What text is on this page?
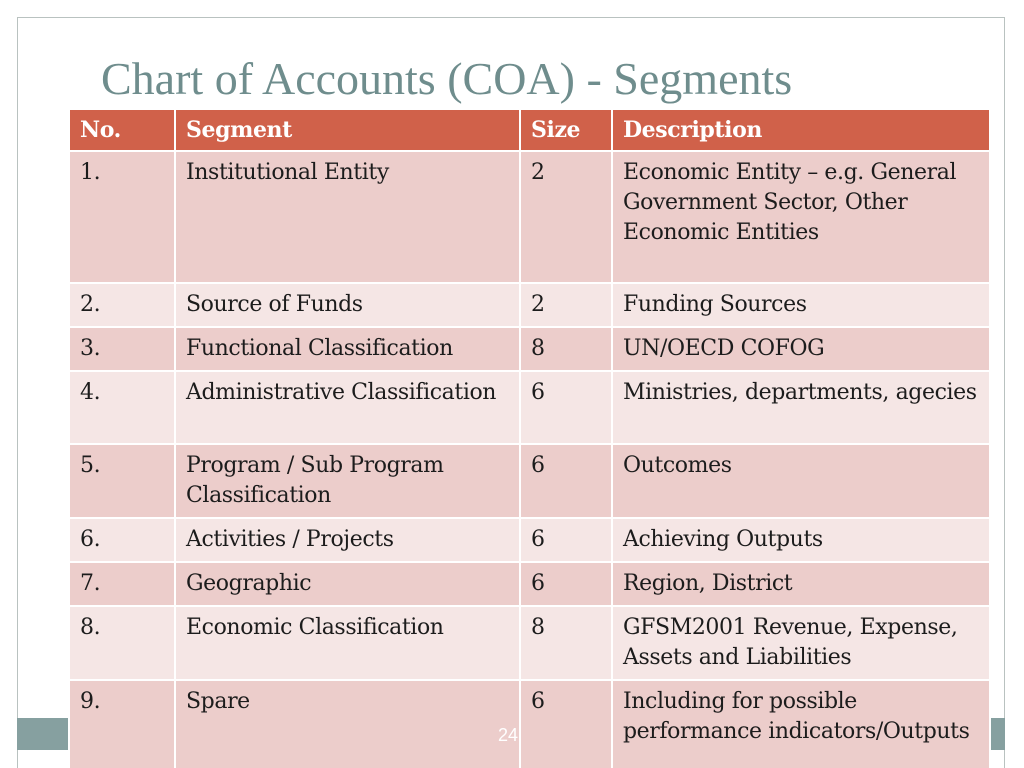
Chart of Accounts (COA) - Segments
No.	Segment	Size	Description
1.	Institutional Entity	2	Economic Entity – e.g. General Government Sector, Other Economic Entities
2.	Source of Funds	2	Funding Sources
3.	Functional Classification	8	UN/OECD COFOG
4.	Administrative Classification	6	Ministries, departments, agecies
5.	Program / Sub Program Classification	6	Outcomes
6.	Activities / Projects	6	Achieving Outputs
7.	Geographic	6	Region, District
8.	Economic Classification	8	GFSM2001 Revenue, Expense, Assets and Liabilities
9.	Spare	6	Including for possible performance indicators/Outputs
24
